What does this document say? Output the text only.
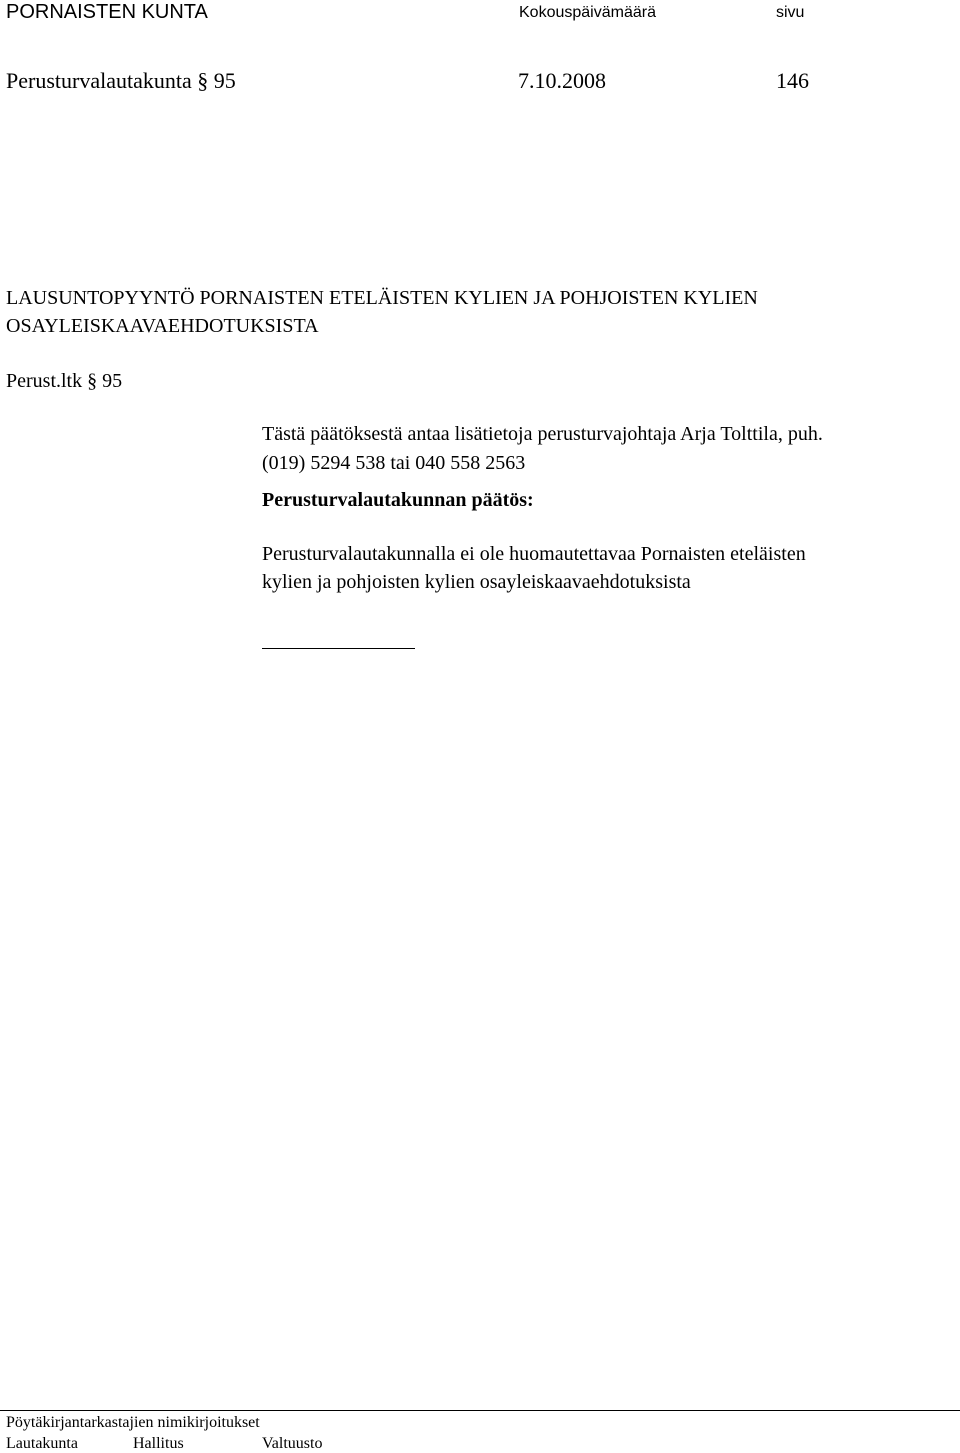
PORNAISTEN KUNTA	Kokouspäivämäärä	sivu
Perusturvalautakunta § 95	7.10.2008	146
LAUSUNTOPYYNTÖ PORNAISTEN ETELÄISTEN KYLIEN JA POHJOISTEN KYLIEN
OSAYLEISKAAVAEHDOTUKSISTA
Perust.ltk § 95
Tästä päätöksestä antaa lisätietoja perusturvajohtaja Arja Tolttila, puh.
(019) 5294 538 tai 040 558 2563
Perusturvalautakunnan päätös:
Perusturvalautakunnalla ei ole huomautettavaa Pornaisten eteläisten
kylien ja pohjoisten kylien osayleiskaavaehdotuksista
Pöytäkirjantarkastajien nimikirjoitukset
Lautakunta	Hallitus	Valtuusto
